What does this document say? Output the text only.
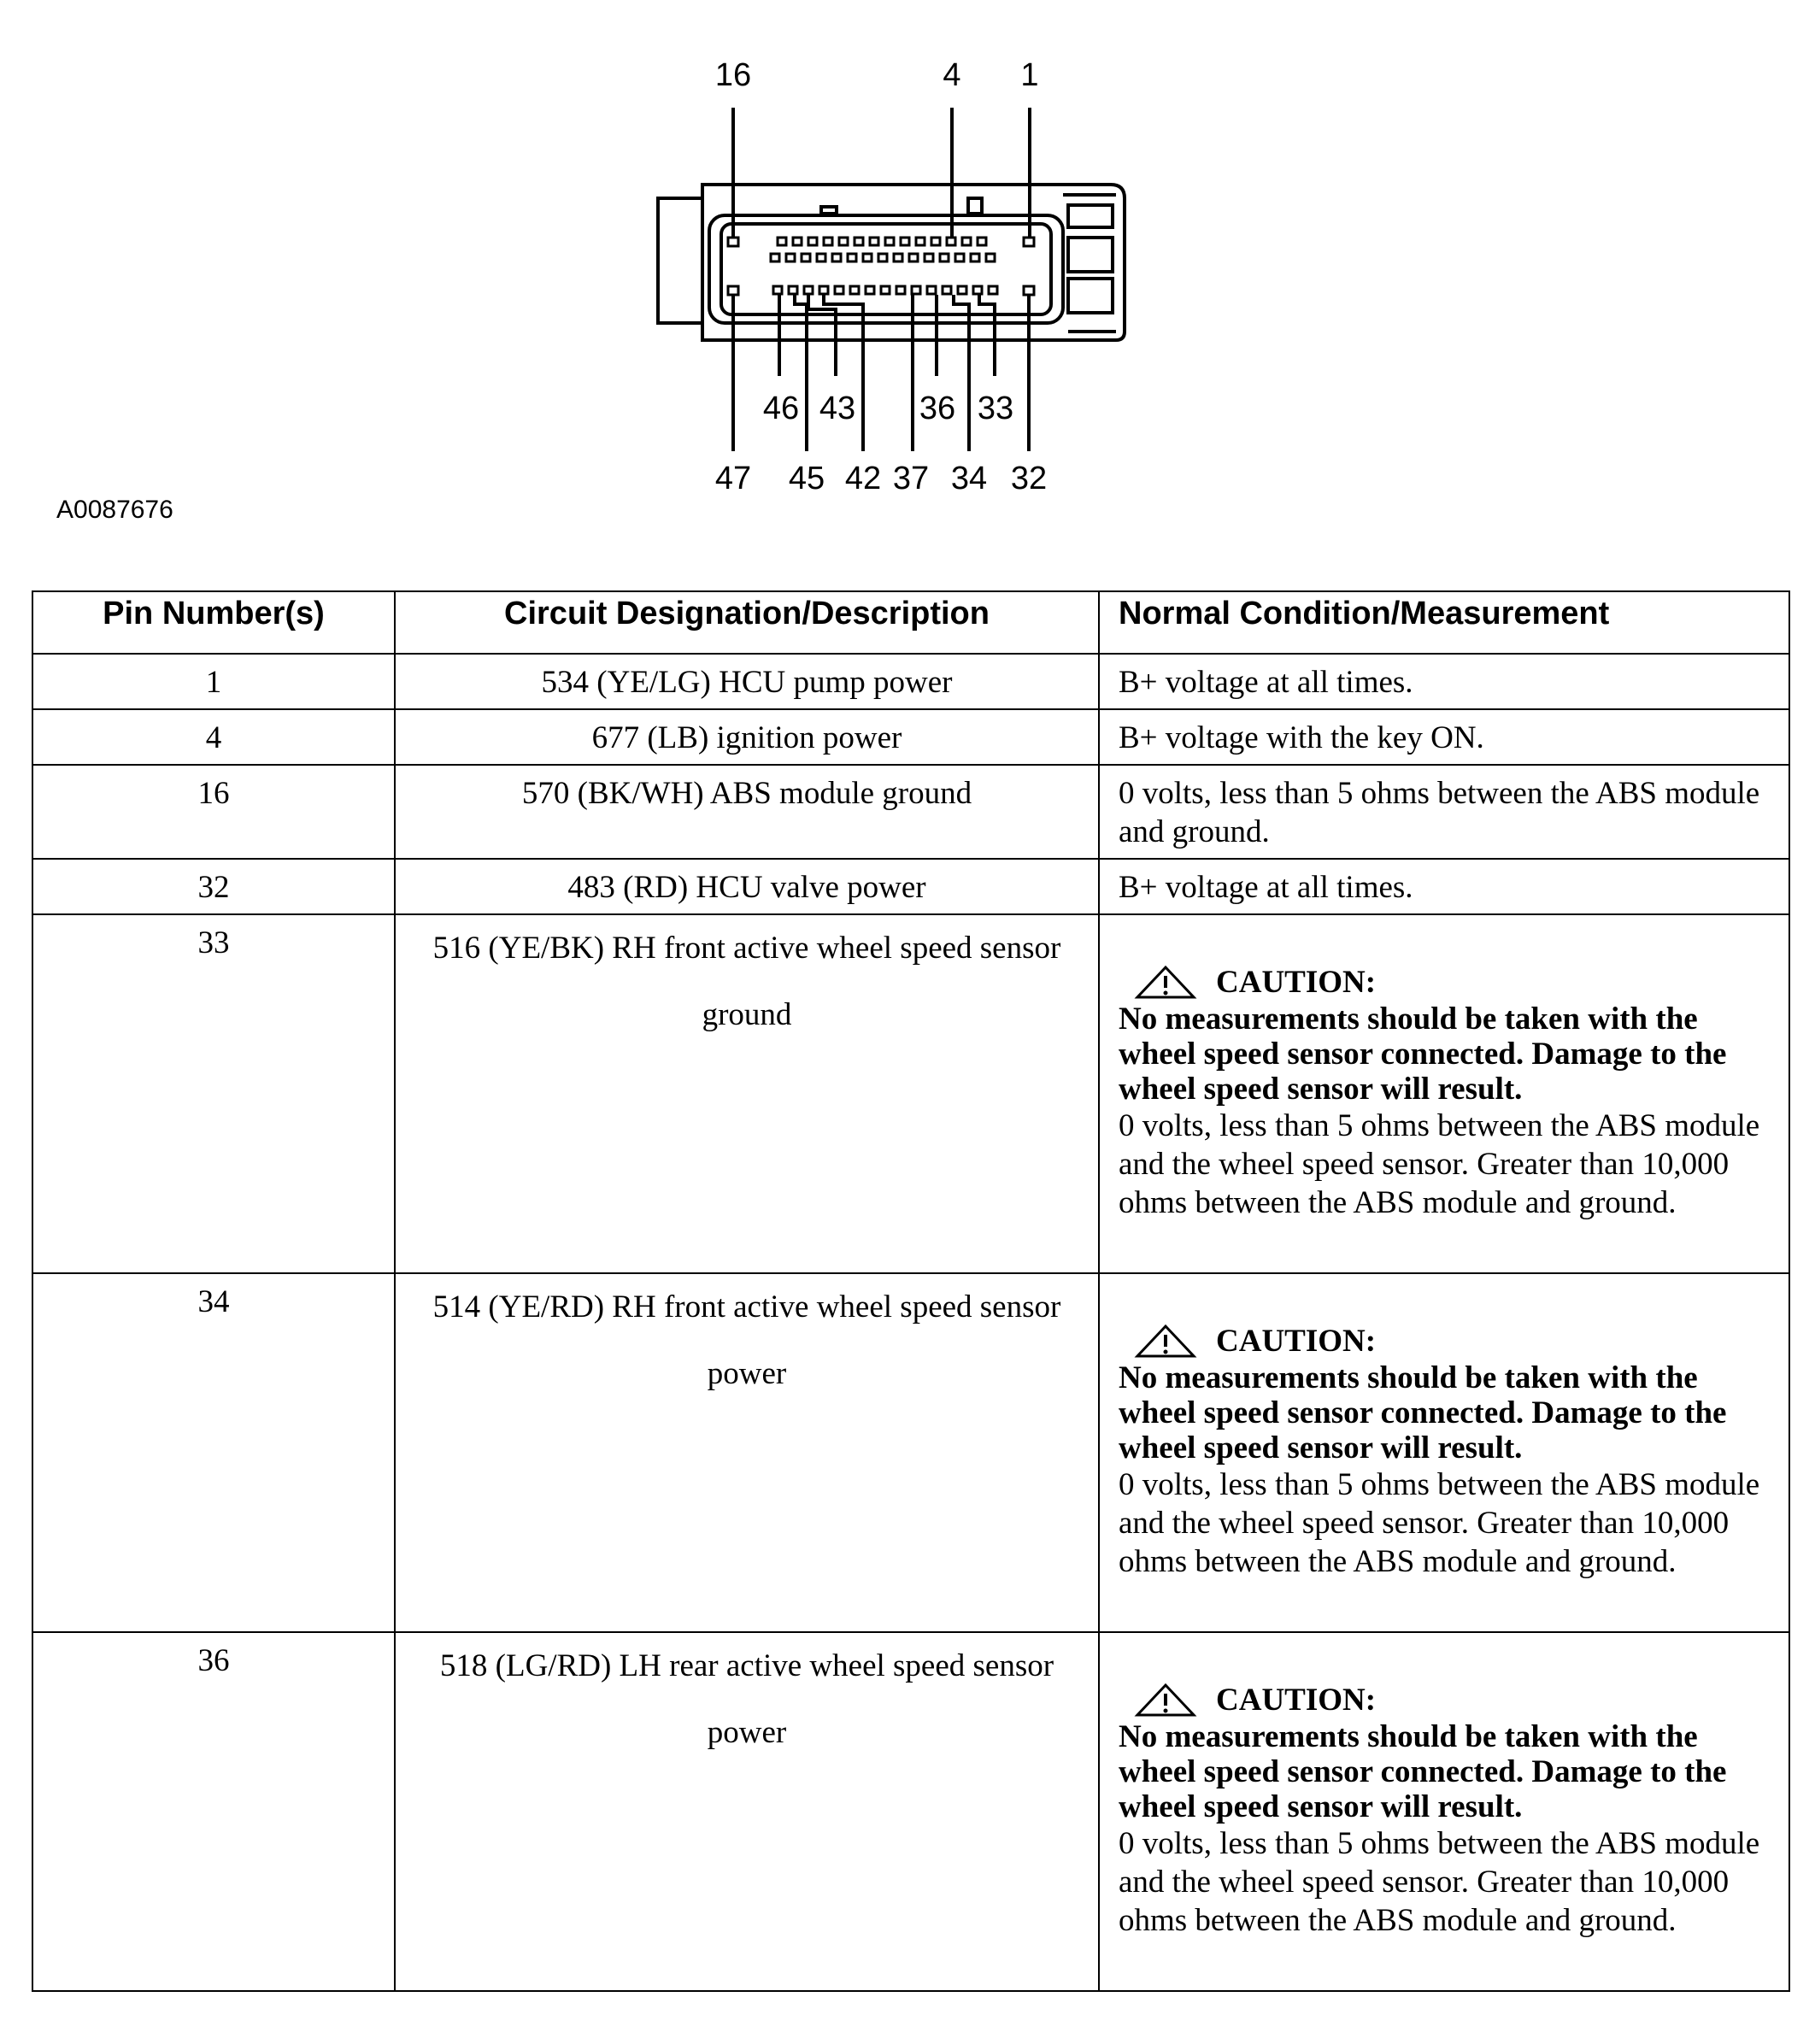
16	4 1
46 43 36 33
47 45 42 37 34 32
A0087676
Pin Number(s)	Circuit Designation/Description	Normal Condition/Measurement
1	534 (YE/LG) HCU pump power	B+ voltage at all times.
4	677 (LB) ignition power	B+ voltage with the key ON.
16	570 (BK/WH) ABS module ground	0 volts, less than 5 ohms between the ABS module and ground.
32	483 (RD) HCU valve power	B+ voltage at all times.
33	516 (YE/BK) RH front active wheel speed sensor ground	CAUTION:
No measurements should be taken with the wheel speed sensor connected. Damage to the wheel speed sensor will result.
0 volts, less than 5 ohms between the ABS module and the wheel speed sensor. Greater than 10,000 ohms between the ABS module and ground.

34	514 (YE/RD) RH front active wheel speed sensor power	CAUTION:
No measurements should be taken with the wheel speed sensor connected. Damage to the wheel speed sensor will result.
0 volts, less than 5 ohms between the ABS module and the wheel speed sensor. Greater than 10,000 ohms between the ABS module and ground.

36	518 (LG/RD) LH rear active wheel speed sensor power	CAUTION:
No measurements should be taken with the wheel speed sensor connected. Damage to the wheel speed sensor will result.
0 volts, less than 5 ohms between the ABS module and the wheel speed sensor. Greater than 10,000 ohms between the ABS module and ground.
